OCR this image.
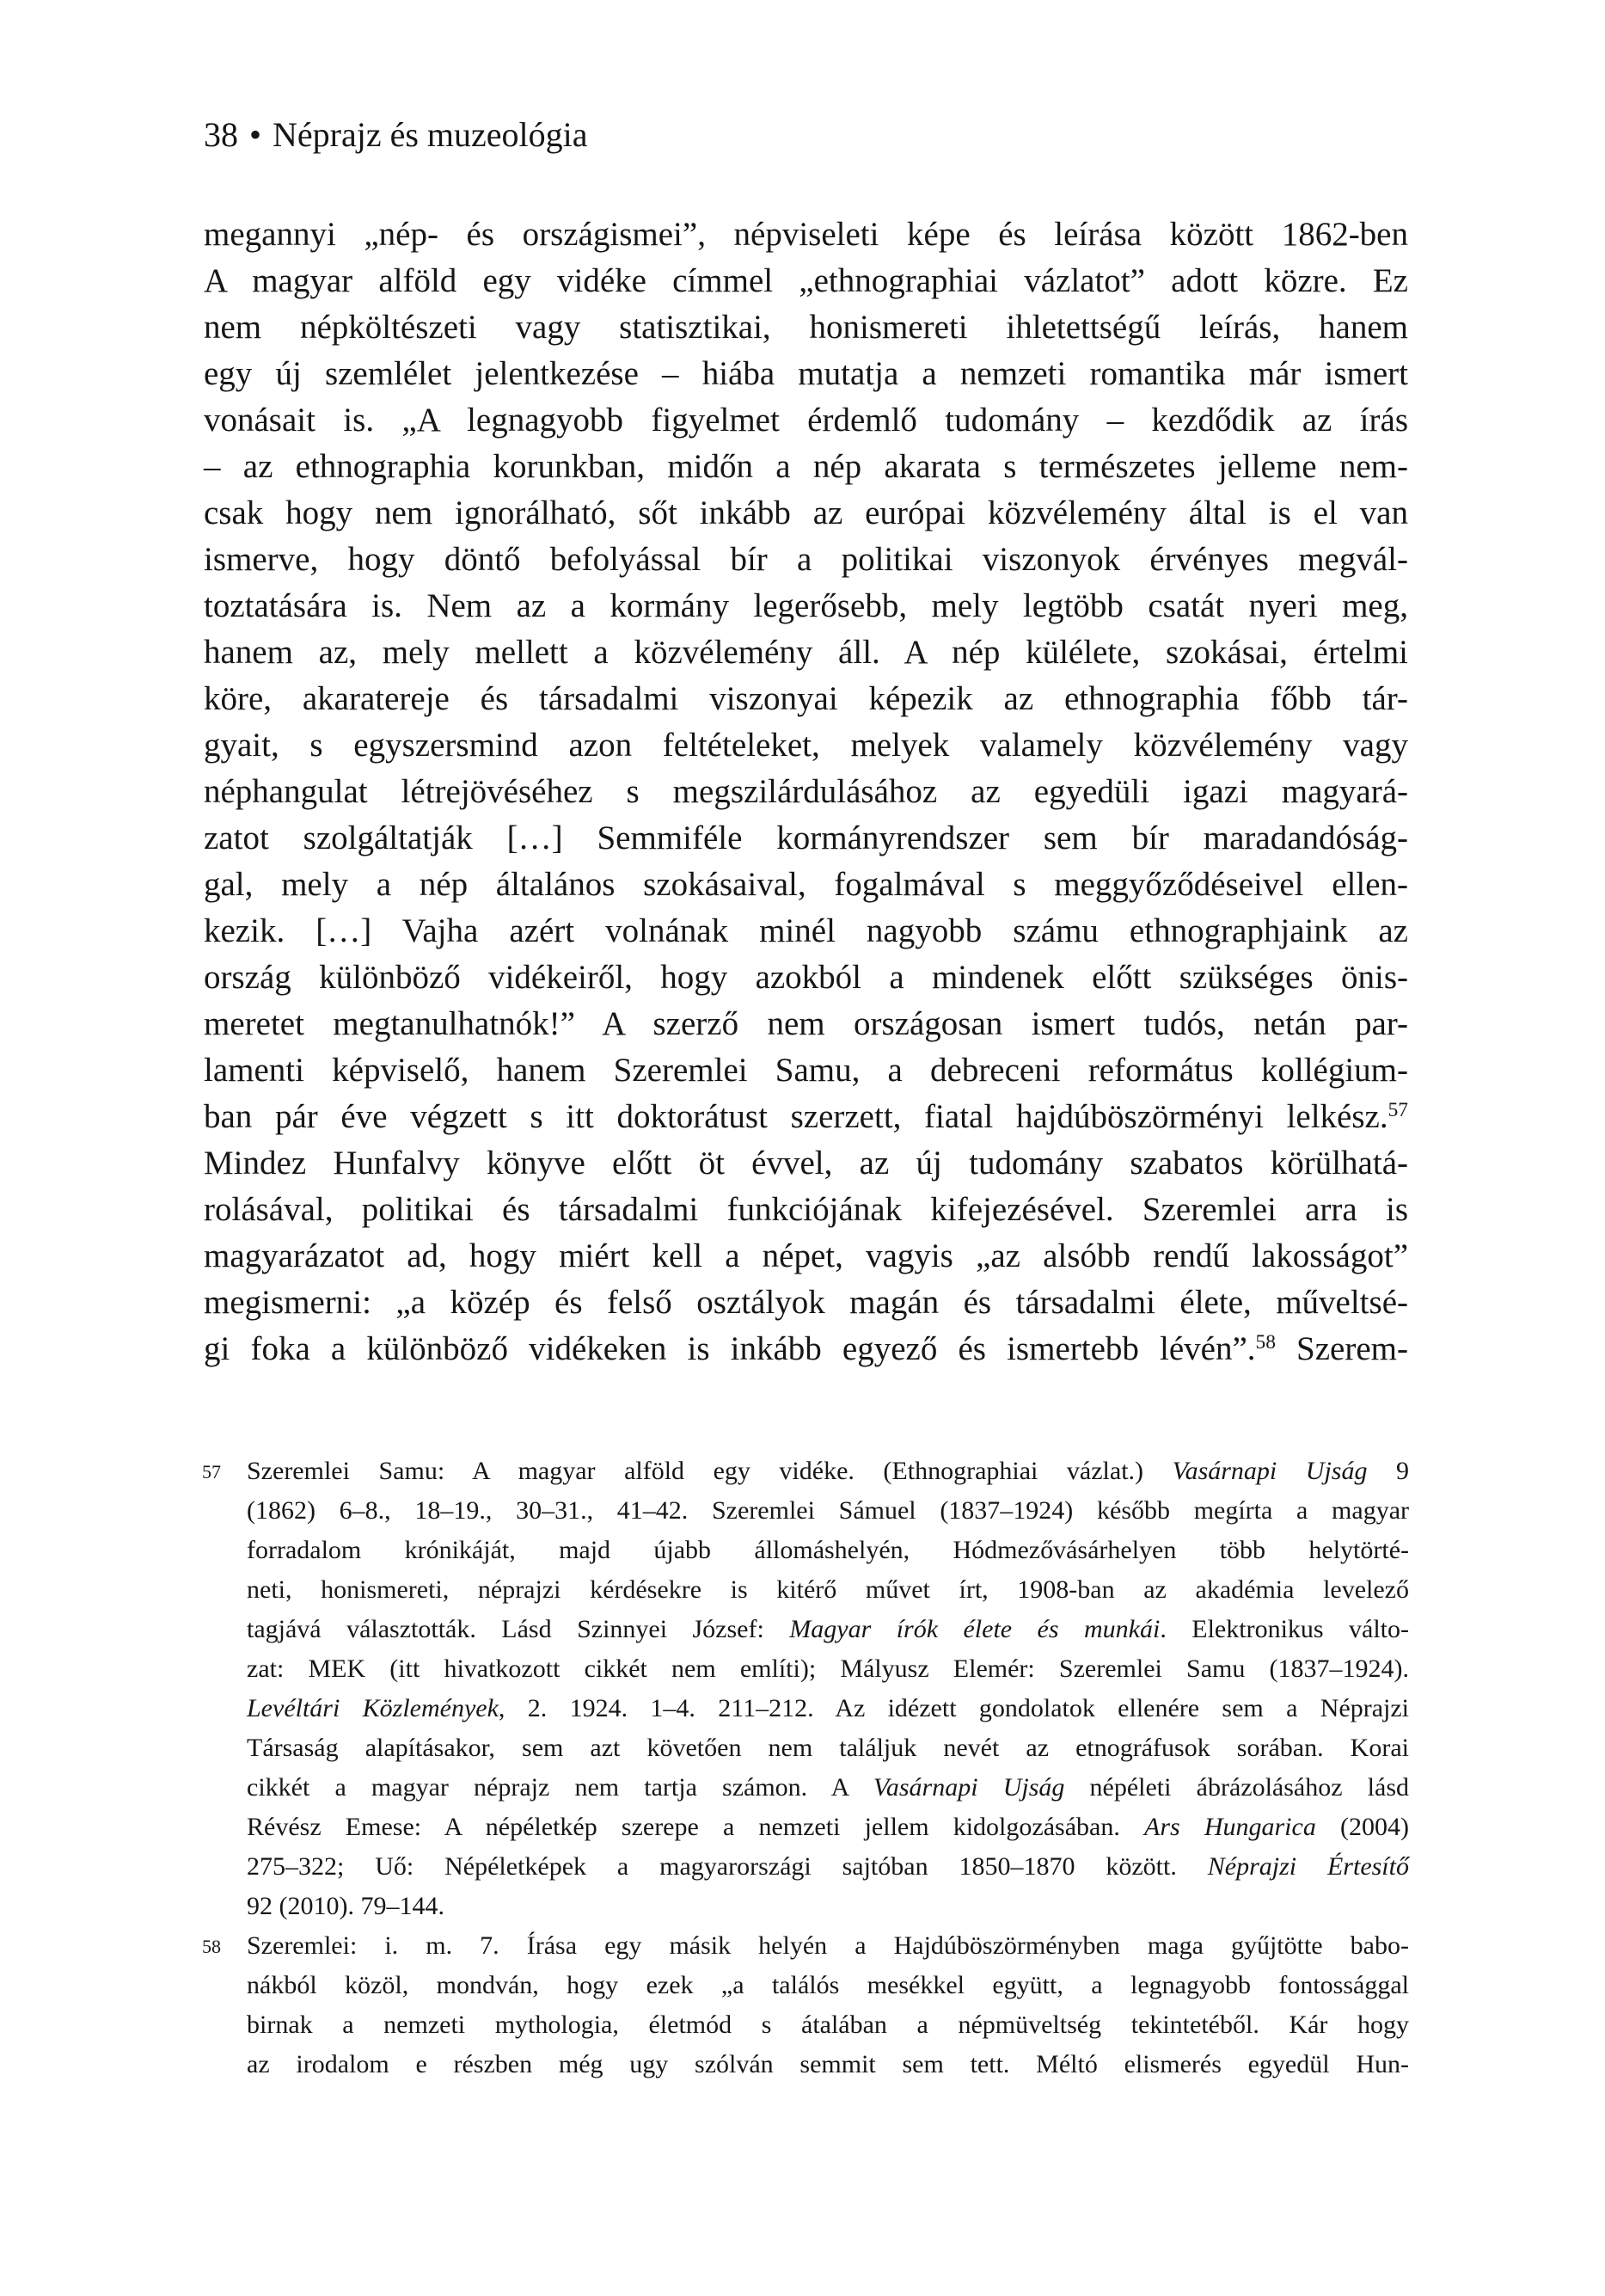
38 • Néprajz és muzeológia
megannyi „nép- és országismei”, népviseleti képe és leírása között 1862-ben
A magyar alföld egy vidéke címmel „ethnographiai vázlatot” adott közre. Ez
nem népköltészeti vagy statisztikai, honismereti ihletettségű leírás, hanem
egy új szemlélet jelentkezése – hiába mutatja a nemzeti romantika már ismert
vonásait is. „A legnagyobb figyelmet érdemlő tudomány – kezdődik az írás
– az ethnographia korunkban, midőn a nép akarata s természetes jelleme nem-
csak hogy nem ignorálható, sőt inkább az európai közvélemény által is el van
ismerve, hogy döntő befolyással bír a politikai viszonyok érvényes megvál-
toztatására is. Nem az a kormány legerősebb, mely legtöbb csatát nyeri meg,
hanem az, mely mellett a közvélemény áll. A nép külélete, szokásai, értelmi
köre, akaratereje és társadalmi viszonyai képezik az ethnographia főbb tár-
gyait, s egyszersmind azon feltételeket, melyek valamely közvélemény vagy
néphangulat létrejövéséhez s megszilárdulásához az egyedüli igazi magyará-
zatot szolgáltatják […] Semmiféle kormányrendszer sem bír maradandóság-
gal, mely a nép általános szokásaival, fogalmával s meggyőződéseivel ellen-
kezik. […] Vajha azért volnának minél nagyobb számu ethnographjaink az
ország különböző vidékeiről, hogy azokból a mindenek előtt szükséges önis-
meretet megtanulhatnók!” A szerző nem országosan ismert tudós, netán par-
lamenti képviselő, hanem Szeremlei Samu, a debreceni református kollégium-
ban pár éve végzett s itt doktorátust szerzett, fiatal hajdúböszörményi lelkész.$^{57}$
Mindez Hunfalvy könyve előtt öt évvel, az új tudomány szabatos körülhatá-
rolásával, politikai és társadalmi funkciójának kifejezésével. Szeremlei arra is
magyarázatot ad, hogy miért kell a népet, vagyis „az alsóbb rendű lakosságot”
megismerni: „a közép és felső osztályok magán és társadalmi élete, műveltsé-
gi foka a különböző vidékeken is inkább egyező és ismertebb lévén”.$^{58}$ Szerem-
57 Szeremlei Samu: A magyar alföld egy vidéke. (Ethnographiai vázlat.) Vasárnapi Ujság 9
(1862) 6–8., 18–19., 30–31., 41–42. Szeremlei Sámuel (1837–1924) később megírta a magyar
forradalom krónikáját, majd újabb állomáshelyén, Hódmezővásárhelyen több helytörté-
neti, honismereti, néprajzi kérdésekre is kitérő művet írt, 1908-ban az akadémia levelező
tagjává választották. Lásd Szinnyei József: Magyar írók élete és munkái. Elektronikus válto-
zat: MEK (itt hivatkozott cikkét nem említi); Mályusz Elemér: Szeremlei Samu (1837–1924).
Levéltári Közlemények, 2. 1924. 1–4. 211–212. Az idézett gondolatok ellenére sem a Néprajzi
Társaság alapításakor, sem azt követően nem találjuk nevét az etnográfusok sorában. Korai
cikkét a magyar néprajz nem tartja számon. A Vasárnapi Ujság népéleti ábrázolásához lásd
Révész Emese: A népéletkép szerepe a nemzeti jellem kidolgozásában. Ars Hungarica (2004)
275–322; Uő: Népéletképek a magyarországi sajtóban 1850–1870 között. Néprajzi Értesítő
92 (2010). 79–144.
58 Szeremlei: i. m. 7. Írása egy másik helyén a Hajdúböszörményben maga gyűjtötte babo-
nákból közöl, mondván, hogy ezek „a találós mesékkel együtt, a legnagyobb fontossággal
birnak a nemzeti mythologia, életmód s átalában a népmüveltség tekintetéből. Kár hogy
az irodalom e részben még ugy szólván semmit sem tett. Méltó elismerés egyedül Hun-
